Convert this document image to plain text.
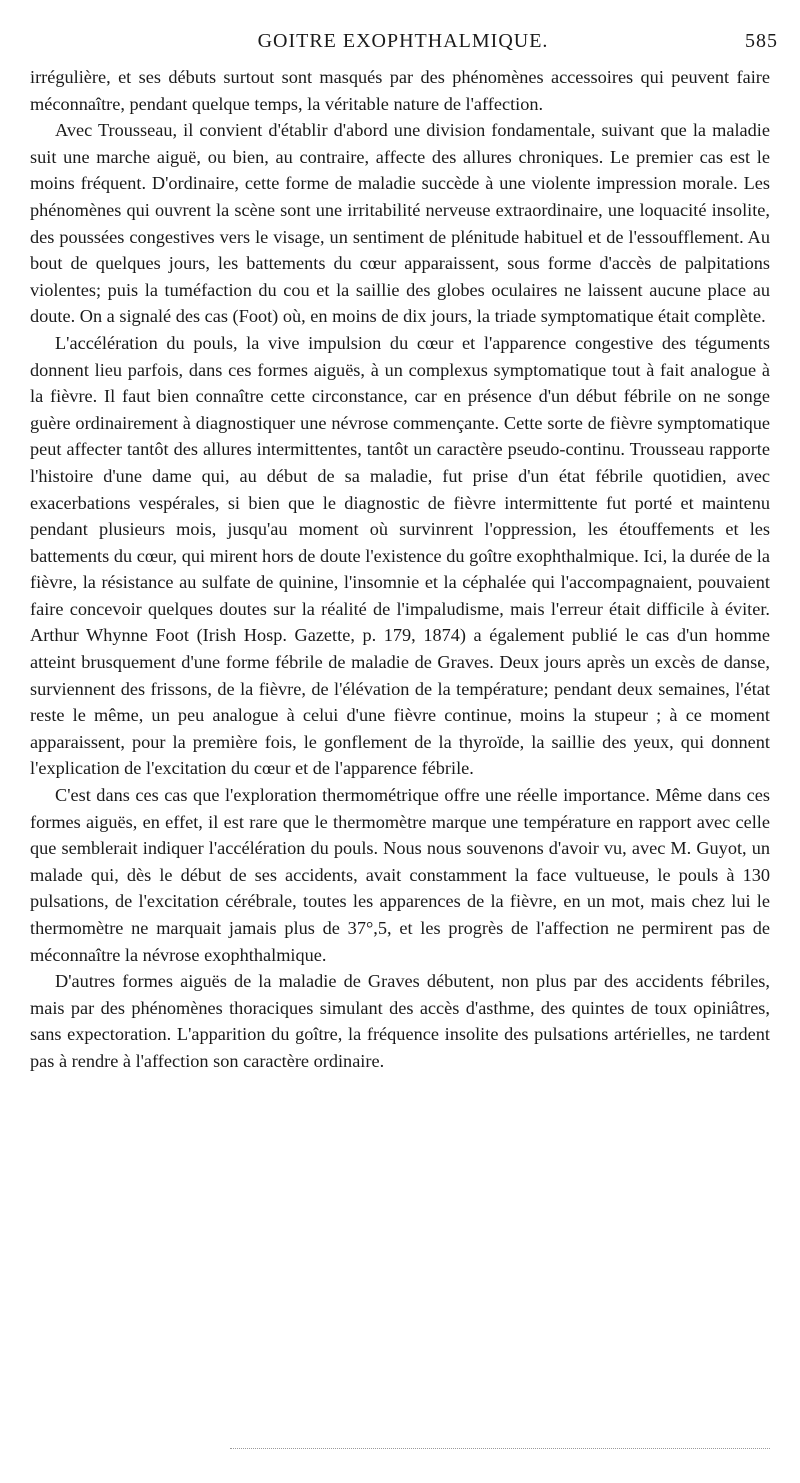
GOITRE EXOPHTHALMIQUE.	585

irrégulière, et ses débuts surtout sont masqués par des phénomènes accessoires qui peuvent faire méconnaître, pendant quelque temps, la véritable nature de l'affection.

Avec Trousseau, il convient d'établir d'abord une division fondamentale, suivant que la maladie suit une marche aiguë, ou bien, au contraire, affecte des allures chroniques. Le premier cas est le moins fréquent. D'ordinaire, cette forme de maladie succède à une violente impression morale. Les phénomènes qui ouvrent la scène sont une irritabilité nerveuse extraordinaire, une loquacité insolite, des poussées congestives vers le visage, un sentiment de plénitude habituel et de l'essoufflement. Au bout de quelques jours, les battements du cœur apparaissent, sous forme d'accès de palpitations violentes; puis la tuméfaction du cou et la saillie des globes oculaires ne laissent aucune place au doute. On a signalé des cas (Foot) où, en moins de dix jours, la triade symptomatique était complète.

L'accélération du pouls, la vive impulsion du cœur et l'apparence congestive des téguments donnent lieu parfois, dans ces formes aiguës, à un complexus symptomatique tout à fait analogue à la fièvre. Il faut bien connaître cette circonstance, car en présence d'un début fébrile on ne songe guère ordinairement à diagnostiquer une névrose commençante. Cette sorte de fièvre symptomatique peut affecter tantôt des allures intermittentes, tantôt un caractère pseudo-continu. Trousseau rapporte l'histoire d'une dame qui, au début de sa maladie, fut prise d'un état fébrile quotidien, avec exacerbations vespérales, si bien que le diagnostic de fièvre intermittente fut porté et maintenu pendant plusieurs mois, jusqu'au moment où survinrent l'oppression, les étouffements et les battements du cœur, qui mirent hors de doute l'existence du goître exophthalmique. Ici, la durée de la fièvre, la résistance au sulfate de quinine, l'insomnie et la céphalée qui l'accompagnaient, pouvaient faire concevoir quelques doutes sur la réalité de l'impaludisme, mais l'erreur était difficile à éviter. Arthur Whynne Foot (Irish Hosp. Gazette, p. 179, 1874) a également publié le cas d'un homme atteint brusquement d'une forme fébrile de maladie de Graves. Deux jours après un excès de danse, surviennent des frissons, de la fièvre, de l'élévation de la température; pendant deux semaines, l'état reste le même, un peu analogue à celui d'une fièvre continue, moins la stupeur ; à ce moment apparaissent, pour la première fois, le gonflement de la thyroïde, la saillie des yeux, qui donnent l'explication de l'excitation du cœur et de l'apparence fébrile.

C'est dans ces cas que l'exploration thermométrique offre une réelle importance. Même dans ces formes aiguës, en effet, il est rare que le thermomètre marque une température en rapport avec celle que semblerait indiquer l'accélération du pouls. Nous nous souvenons d'avoir vu, avec M. Guyot, un malade qui, dès le début de ses accidents, avait constamment la face vultueuse, le pouls à 130 pulsations, de l'excitation cérébrale, toutes les apparences de la fièvre, en un mot, mais chez lui le thermomètre ne marquait jamais plus de 37°,5, et les progrès de l'affection ne permirent pas de méconnaître la névrose exophthalmique.

D'autres formes aiguës de la maladie de Graves débutent, non plus par des accidents fébriles, mais par des phénomènes thoraciques simulant des accès d'asthme, des quintes de toux opiniâtres, sans expectoration. L'apparition du goître, la fréquence insolite des pulsations artérielles, ne tardent pas à rendre à l'affection son caractère ordinaire.
